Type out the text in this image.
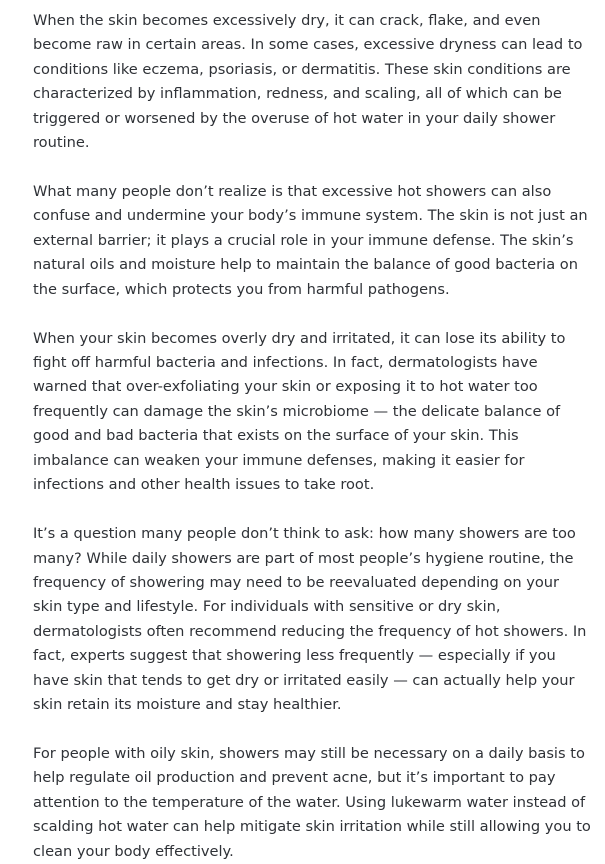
When the skin becomes excessively dry, it can crack, flake, and even become raw in certain areas. In some cases, excessive dryness can lead to conditions like eczema, psoriasis, or dermatitis. These skin conditions are characterized by inflammation, redness, and scaling, all of which can be triggered or worsened by the overuse of hot water in your daily shower routine.

What many people don’t realize is that excessive hot showers can also confuse and undermine your body’s immune system. The skin is not just an external barrier; it plays a crucial role in your immune defense. The skin’s natural oils and moisture help to maintain the balance of good bacteria on the surface, which protects you from harmful pathogens.

When your skin becomes overly dry and irritated, it can lose its ability to fight off harmful bacteria and infections. In fact, dermatologists have warned that over-exfoliating your skin or exposing it to hot water too frequently can damage the skin’s microbiome — the delicate balance of good and bad bacteria that exists on the surface of your skin. This imbalance can weaken your immune defenses, making it easier for infections and other health issues to take root.

It’s a question many people don’t think to ask: how many showers are too many? While daily showers are part of most people’s hygiene routine, the frequency of showering may need to be reevaluated depending on your skin type and lifestyle. For individuals with sensitive or dry skin, dermatologists often recommend reducing the frequency of hot showers. In fact, experts suggest that showering less frequently — especially if you have skin that tends to get dry or irritated easily — can actually help your skin retain its moisture and stay healthier.

For people with oily skin, showers may still be necessary on a daily basis to help regulate oil production and prevent acne, but it’s important to pay attention to the temperature of the water. Using lukewarm water instead of scalding hot water can help mitigate skin irritation while still allowing you to clean your body effectively.
